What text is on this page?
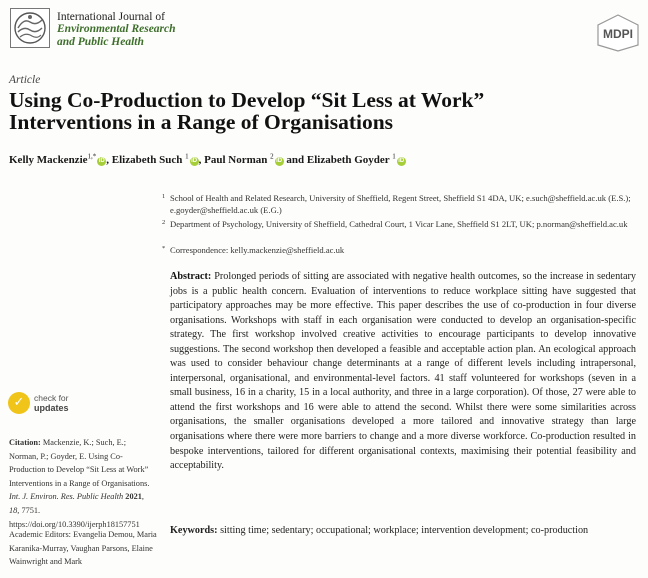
International Journal of
Environmental Research
and Public Health
MDPI
Article
Using Co-Production to Develop “Sit Less at Work” Interventions in a Range of Organisations
Kelly Mackenzie$^{1,*}$iD , Elizabeth Such $^1$iD , Paul Norman $^2$iD and Elizabeth Goyder $^1$iD
1 School of Health and Related Research, University of Sheffield, Regent Street, Sheffield S1 4DA, UK; e.such@sheffield.ac.uk (E.S.); e.goyder@sheffield.ac.uk (E.G.)
2 Department of Psychology, University of Sheffield, Cathedral Court, 1 Vicar Lane, Sheffield S1 2LT, UK; p.norman@sheffield.ac.uk
* Correspondence: kelly.mackenzie@sheffield.ac.uk
Abstract: Prolonged periods of sitting are associated with negative health outcomes, so the increase in sedentary jobs is a public health concern. Evaluation of interventions to reduce workplace sitting have suggested that participatory approaches may be more effective. This paper describes the use of co-production in four diverse organisations. Workshops with staff in each organisation were conducted to develop an organisation-specific strategy. The first workshop involved creative activities to encourage participants to develop innovative suggestions. The second workshop then developed a feasible and acceptable action plan. An ecological approach was used to consider behaviour change determinants at a range of different levels including intrapersonal, interpersonal, organisational, and environmental-level factors. 41 staff volunteered for workshops (seven in a small business, 16 in a charity, 15 in a local authority, and three in a large corporation). Of those, 27 were able to attend the first workshops and 16 were able to attend the second. Whilst there were some similarities across organisations, the smaller organisations developed a more tailored and innovative strategy than large organisations where there were more barriers to change and a more diverse workforce. Co-production resulted in bespoke interventions, tailored for different organisational contexts, maximising their potential feasibility and acceptability.
Keywords: sitting time; sedentary; occupational; workplace; intervention development; co-production
✓	check for
updates
Citation: Mackenzie, K.; Such, E.; Norman, P.; Goyder, E. Using Co-Production to Develop “Sit Less at Work” Interventions in a Range of Organisations. Int. J. Environ. Res. Public Health 2021, 18, 7751. https://doi.org/10.3390/ijerph18157751
Academic Editors: Evangelia Demou, Maria Karanika-Murray, Vaughan Parsons, Elaine Wainwright and Mark
